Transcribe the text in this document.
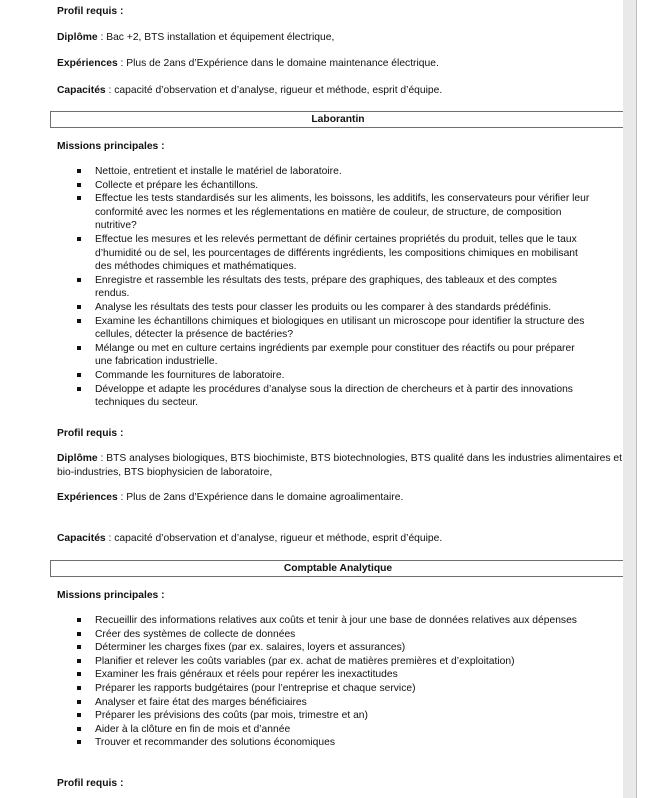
Profil requis :
Diplôme : Bac +2, BTS installation et équipement électrique,
Expériences : Plus de 2ans d’Expérience dans le domaine maintenance électrique.
Capacités : capacité d’observation et d’analyse, rigueur et méthode, esprit d’équipe.
Laborantin
Missions principales :
Nettoie, entretient et installe le matériel de laboratoire.
Collecte et prépare les échantillons.
Effectue les tests standardisés sur les aliments, les boissons, les additifs, les conservateurs pour vérifier leur conformité avec les normes et les réglementations en matière de couleur, de structure, de composition nutritive?
Effectue les mesures et les relevés permettant de définir certaines propriétés du produit, telles que le taux d’humidité ou de sel, les pourcentages de différents ingrédients, les compositions chimiques en mobilisant des méthodes chimiques et mathématiques.
Enregistre et rassemble les résultats des tests, prépare des graphiques, des tableaux et des comptes rendus.
Analyse les résultats des tests pour classer les produits ou les comparer à des standards prédéfinis.
Examine les échantillons chimiques et biologiques en utilisant un microscope pour identifier la structure des cellules, détecter la présence de bactéries?
Mélange ou met en culture certains ingrédients par exemple pour constituer des réactifs ou pour préparer une fabrication industrielle.
Commande les fournitures de laboratoire.
Développe et adapte les procédures d’analyse sous la direction de chercheurs et à partir des innovations techniques du secteur.
Profil requis :
Diplôme : BTS analyses biologiques, BTS biochimiste, BTS biotechnologies, BTS qualité dans les industries alimentaires et bio-industries, BTS biophysicien de laboratoire,
Expériences : Plus de 2ans d’Expérience dans le domaine agroalimentaire.
Capacités : capacité d’observation et d’analyse, rigueur et méthode, esprit d’équipe.
Comptable Analytique
Missions principales :
Recueillir des informations relatives aux coûts et tenir à jour une base de données relatives aux dépenses
Créer des systèmes de collecte de données
Déterminer les charges fixes (par ex. salaires, loyers et assurances)
Planifier et relever les coûts variables (par ex. achat de matières premières et d’exploitation)
Examiner les frais généraux et réels pour repérer les inexactitudes
Préparer les rapports budgétaires (pour l’entreprise et chaque service)
Analyser et faire état des marges bénéficiaires
Préparer les prévisions des coûts (par mois, trimestre et an)
Aider à la clôture en fin de mois et d’année
Trouver et recommander des solutions économiques
Profil requis :
